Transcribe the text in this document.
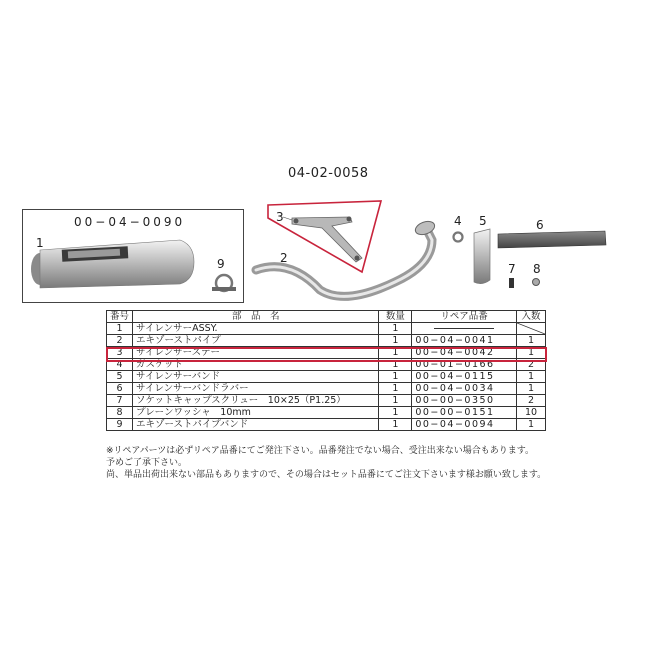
04-02-0058
00−04−0090
1
2
3	4 5	6
7 8
9
番号	部　品　名	数量	リペア品番	入数
1	サイレンサーASSY.	1		

2	エキゾーストパイプ	1	00−04−0041	1
3	サイレンサーステー	1	00−04−0042	1
4	ガスケット	1	00−01−0166	2
5	サイレンサーバンド	1	00−04−0115	1
6	サイレンサーバンドラバー	1	00−04−0034	1
7	ソケットキャップスクリュー　10×25（P1.25）	1	00−00−0350	2
8	プレーンワッシャ　10mm	1	00−00−0151	10
9	エキゾーストパイプバンド	1	00−04−0094	1
※リペアパーツは必ずリペア品番にてご発注下さい。品番発注でない場合、受注出来ない場合もあります。
予めご了承下さい。
尚、単品出荷出来ない部品もありますので、その場合はセット品番にてご注文下さいます様お願い致します。
